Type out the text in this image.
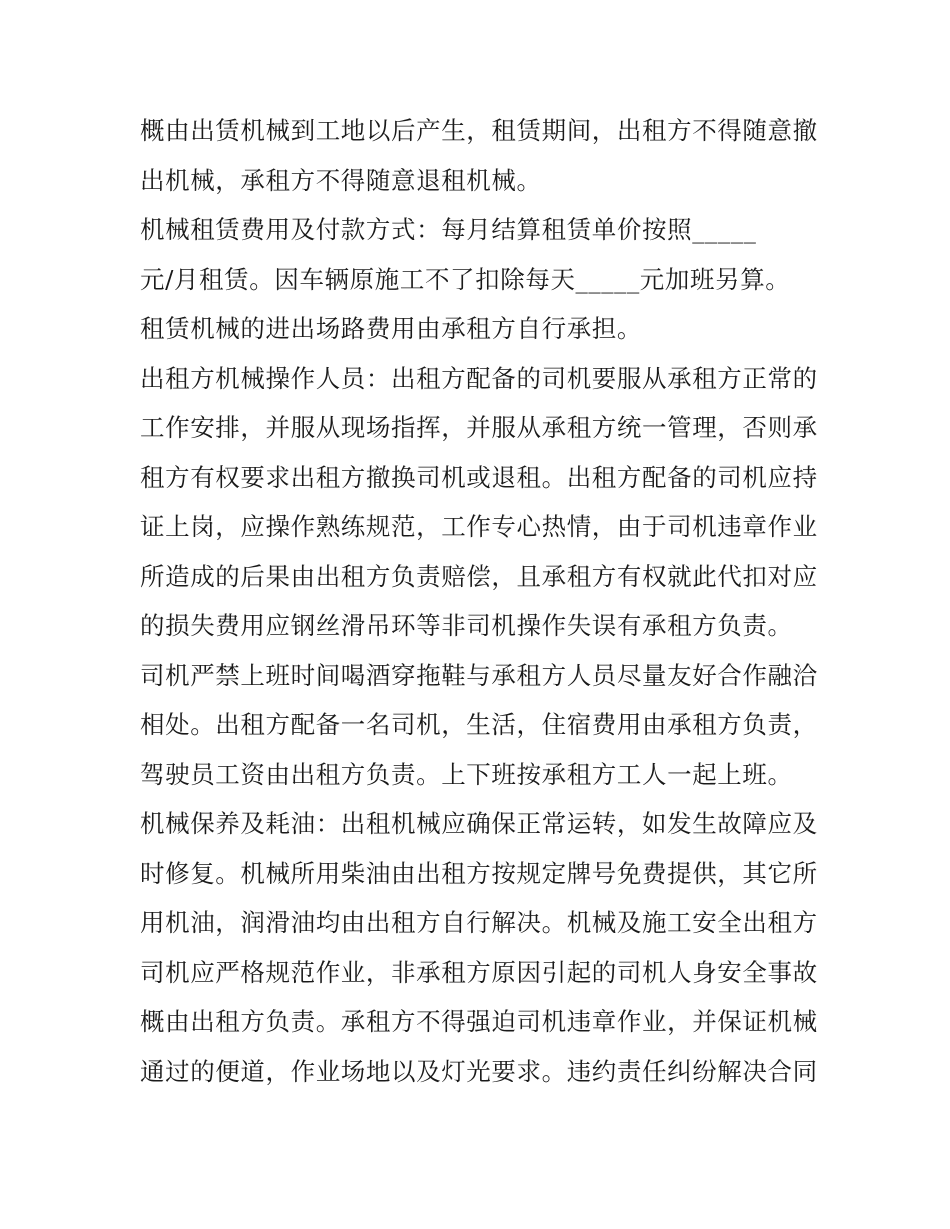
概由出赁机械到工地以后产生，租赁期间，出租方不得随意撤
出机械，承租方不得随意退租机械。
机械租赁费用及付款方式：每月结算租赁单价按照_____
元/月租赁。因车辆原施工不了扣除每天_____元加班另算。
租赁机械的进出场路费用由承租方自行承担。
出租方机械操作人员：出租方配备的司机要服从承租方正常的
工作安排，并服从现场指挥，并服从承租方统一管理，否则承
租方有权要求出租方撤换司机或退租。出租方配备的司机应持
证上岗，应操作熟练规范，工作专心热情，由于司机违章作业
所造成的后果由出租方负责赔偿，且承租方有权就此代扣对应
的损失费用应钢丝滑吊环等非司机操作失误有承租方负责。
司机严禁上班时间喝酒穿拖鞋与承租方人员尽量友好合作融洽
相处。出租方配备一名司机，生活，住宿费用由承租方负责，
驾驶员工资由出租方负责。上下班按承租方工人一起上班。
机械保养及耗油：出租机械应确保正常运转，如发生故障应及
时修复。机械所用柴油由出租方按规定牌号免费提供，其它所
用机油，润滑油均由出租方自行解决。机械及施工安全出租方
司机应严格规范作业，非承租方原因引起的司机人身安全事故
概由出租方负责。承租方不得强迫司机违章作业，并保证机械
通过的便道，作业场地以及灯光要求。违约责任纠纷解决合同
